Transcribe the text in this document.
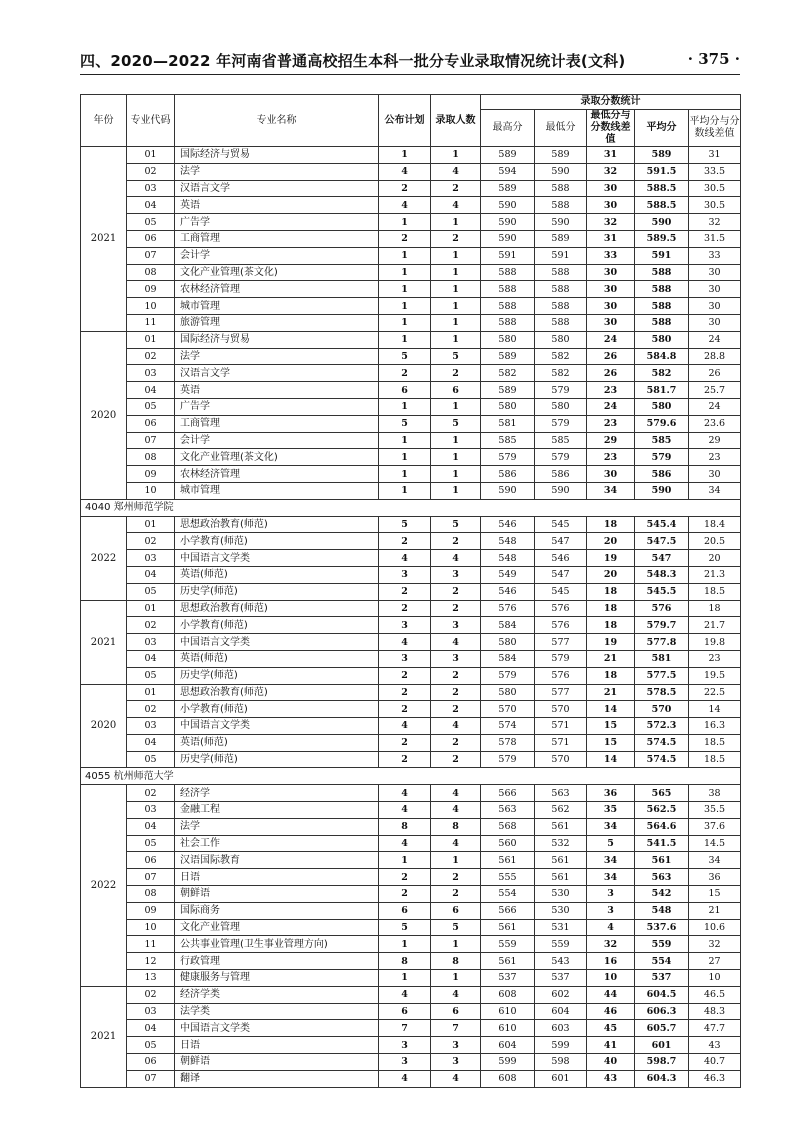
四、2020—2022 年河南省普通高校招生本科一批分专业录取情况统计表(文科)	· 375 ·
年份	专业代码	专业名称	公布计划	录取人数	录取分数统计				
					最高分	最低分	最低分与分数线差值	平均分	平均分与分数线差值
2021	01	国际经济与贸易	1	1	589	589	31	589	31
	02	法学	4	4	594	590	32	591.5	33.5
	03	汉语言文学	2	2	589	588	30	588.5	30.5
	04	英语	4	4	590	588	30	588.5	30.5
	05	广告学	1	1	590	590	32	590	32
	06	工商管理	2	2	590	589	31	589.5	31.5
	07	会计学	1	1	591	591	33	591	33
	08	文化产业管理(茶文化)	1	1	588	588	30	588	30
	09	农林经济管理	1	1	588	588	30	588	30
	10	城市管理	1	1	588	588	30	588	30
	11	旅游管理	1	1	588	588	30	588	30
2020	01	国际经济与贸易	1	1	580	580	24	580	24
	02	法学	5	5	589	582	26	584.8	28.8
	03	汉语言文学	2	2	582	582	26	582	26
	04	英语	6	6	589	579	23	581.7	25.7
	05	广告学	1	1	580	580	24	580	24
	06	工商管理	5	5	581	579	23	579.6	23.6
	07	会计学	1	1	585	585	29	585	29
	08	文化产业管理(茶文化)	1	1	579	579	23	579	23
	09	农林经济管理	1	1	586	586	30	586	30
	10	城市管理	1	1	590	590	34	590	34
4040 郑州师范学院									
2022	01	思想政治教育(师范)	5	5	546	545	18	545.4	18.4
	02	小学教育(师范)	2	2	548	547	20	547.5	20.5
	03	中国语言文学类	4	4	548	546	19	547	20
	04	英语(师范)	3	3	549	547	20	548.3	21.3
	05	历史学(师范)	2	2	546	545	18	545.5	18.5
2021	01	思想政治教育(师范)	2	2	576	576	18	576	18
	02	小学教育(师范)	3	3	584	576	18	579.7	21.7
	03	中国语言文学类	4	4	580	577	19	577.8	19.8
	04	英语(师范)	3	3	584	579	21	581	23
	05	历史学(师范)	2	2	579	576	18	577.5	19.5
2020	01	思想政治教育(师范)	2	2	580	577	21	578.5	22.5
	02	小学教育(师范)	2	2	570	570	14	570	14
	03	中国语言文学类	4	4	574	571	15	572.3	16.3
	04	英语(师范)	2	2	578	571	15	574.5	18.5
	05	历史学(师范)	2	2	579	570	14	574.5	18.5
4055 杭州师范大学									
2022	02	经济学	4	4	566	563	36	565	38
	03	金融工程	4	4	563	562	35	562.5	35.5
	04	法学	8	8	568	561	34	564.6	37.6
	05	社会工作	4	4	560	532	5	541.5	14.5
	06	汉语国际教育	1	1	561	561	34	561	34
	07	日语	2	2	555	561	34	563	36
	08	朝鲜语	2	2	554	530	3	542	15
	09	国际商务	6	6	566	530	3	548	21
	10	文化产业管理	5	5	561	531	4	537.6	10.6
	11	公共事业管理(卫生事业管理方向)	1	1	559	559	32	559	32
	12	行政管理	8	8	561	543	16	554	27
	13	健康服务与管理	1	1	537	537	10	537	10
2021	02	经济学类	4	4	608	602	44	604.5	46.5
	03	法学类	6	6	610	604	46	606.3	48.3
	04	中国语言文学类	7	7	610	603	45	605.7	47.7
	05	日语	3	3	604	599	41	601	43
	06	朝鲜语	3	3	599	598	40	598.7	40.7
	07	翻译	4	4	608	601	43	604.3	46.3
